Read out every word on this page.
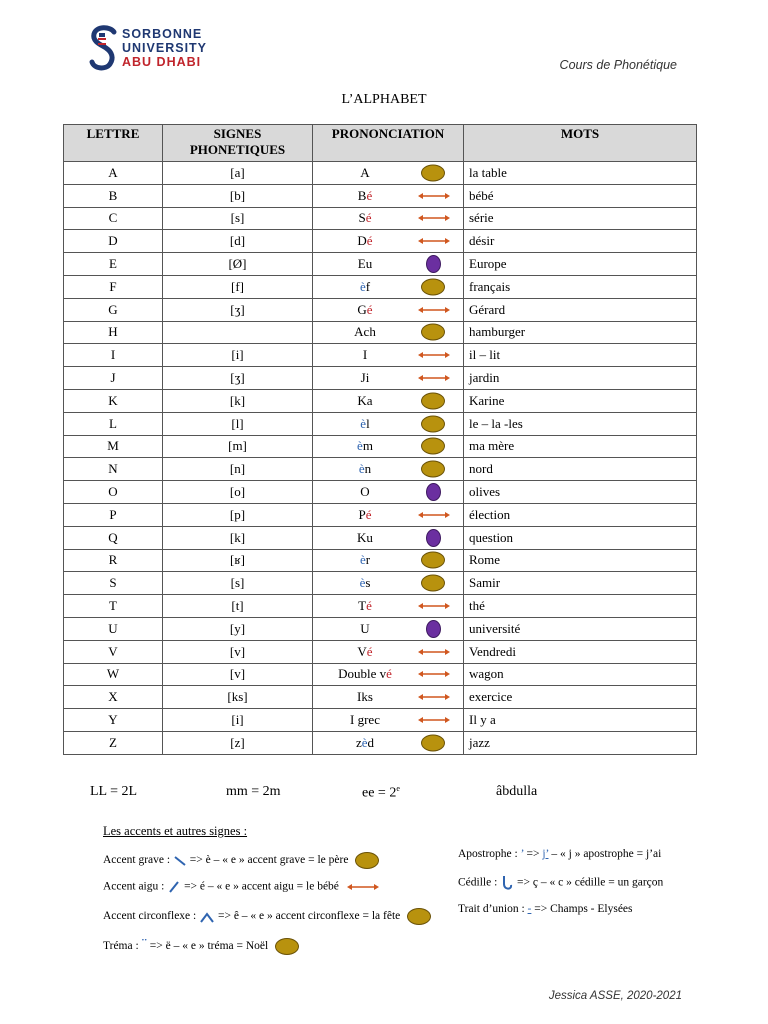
SORBONNE
UNIVERSITY
ABU DHABI	Cours de Phonétique
L’ALPHABET
LETTRE	SIGNES PHONETIQUES	PRONONCIATION	MOTS
A	[a]	A	la table
B	[b]	Bé	bébé
C	[s]	Sé	série
D	[d]	Dé	désir
E	[Ø]	Eu	Europe
F	[f]	èf	français
G	[ʒ]	Gé	Gérard
H		Ach	hamburger
I	[i]	I	il – lit
J	[ʒ]	Ji	jardin
K	[k]	Ka	Karine
L	[l]	èl	le – la -les
M	[m]	èm	ma mère
N	[n]	èn	nord
O	[o]	O	olives
P	[p]	Pé	élection
Q	[k]	Ku	question
R	[ʁ]	èr	Rome
S	[s]	ès	Samir
T	[t]	Té	thé
U	[y]	U	université
V	[v]	Vé	Vendredi
W	[v]	Double vé	wagon
X	[ks]	Iks	exercice
Y	[i]	I grec	Il y a
Z	[z]	zèd	jazz
LL = 2L	mm = 2m	ee = $2^e$	âbdulla
Les accents et autres signes :
Accent grave : => è – « e » accent grave = le père
Accent aigu : => é – « e » accent aigu = le bébé
Accent circonflexe : => ê – « e » accent circonflexe = la fête
Tréma : ¨ => ë – « e » tréma = Noël
Apostrophe : ’ => j’ – « j » apostrophe = j’ai
Cédille : => ç – « c » cédille = un garçon
Trait d’union : - => Champs - Elysées
Jessica ASSE, 2020-2021
